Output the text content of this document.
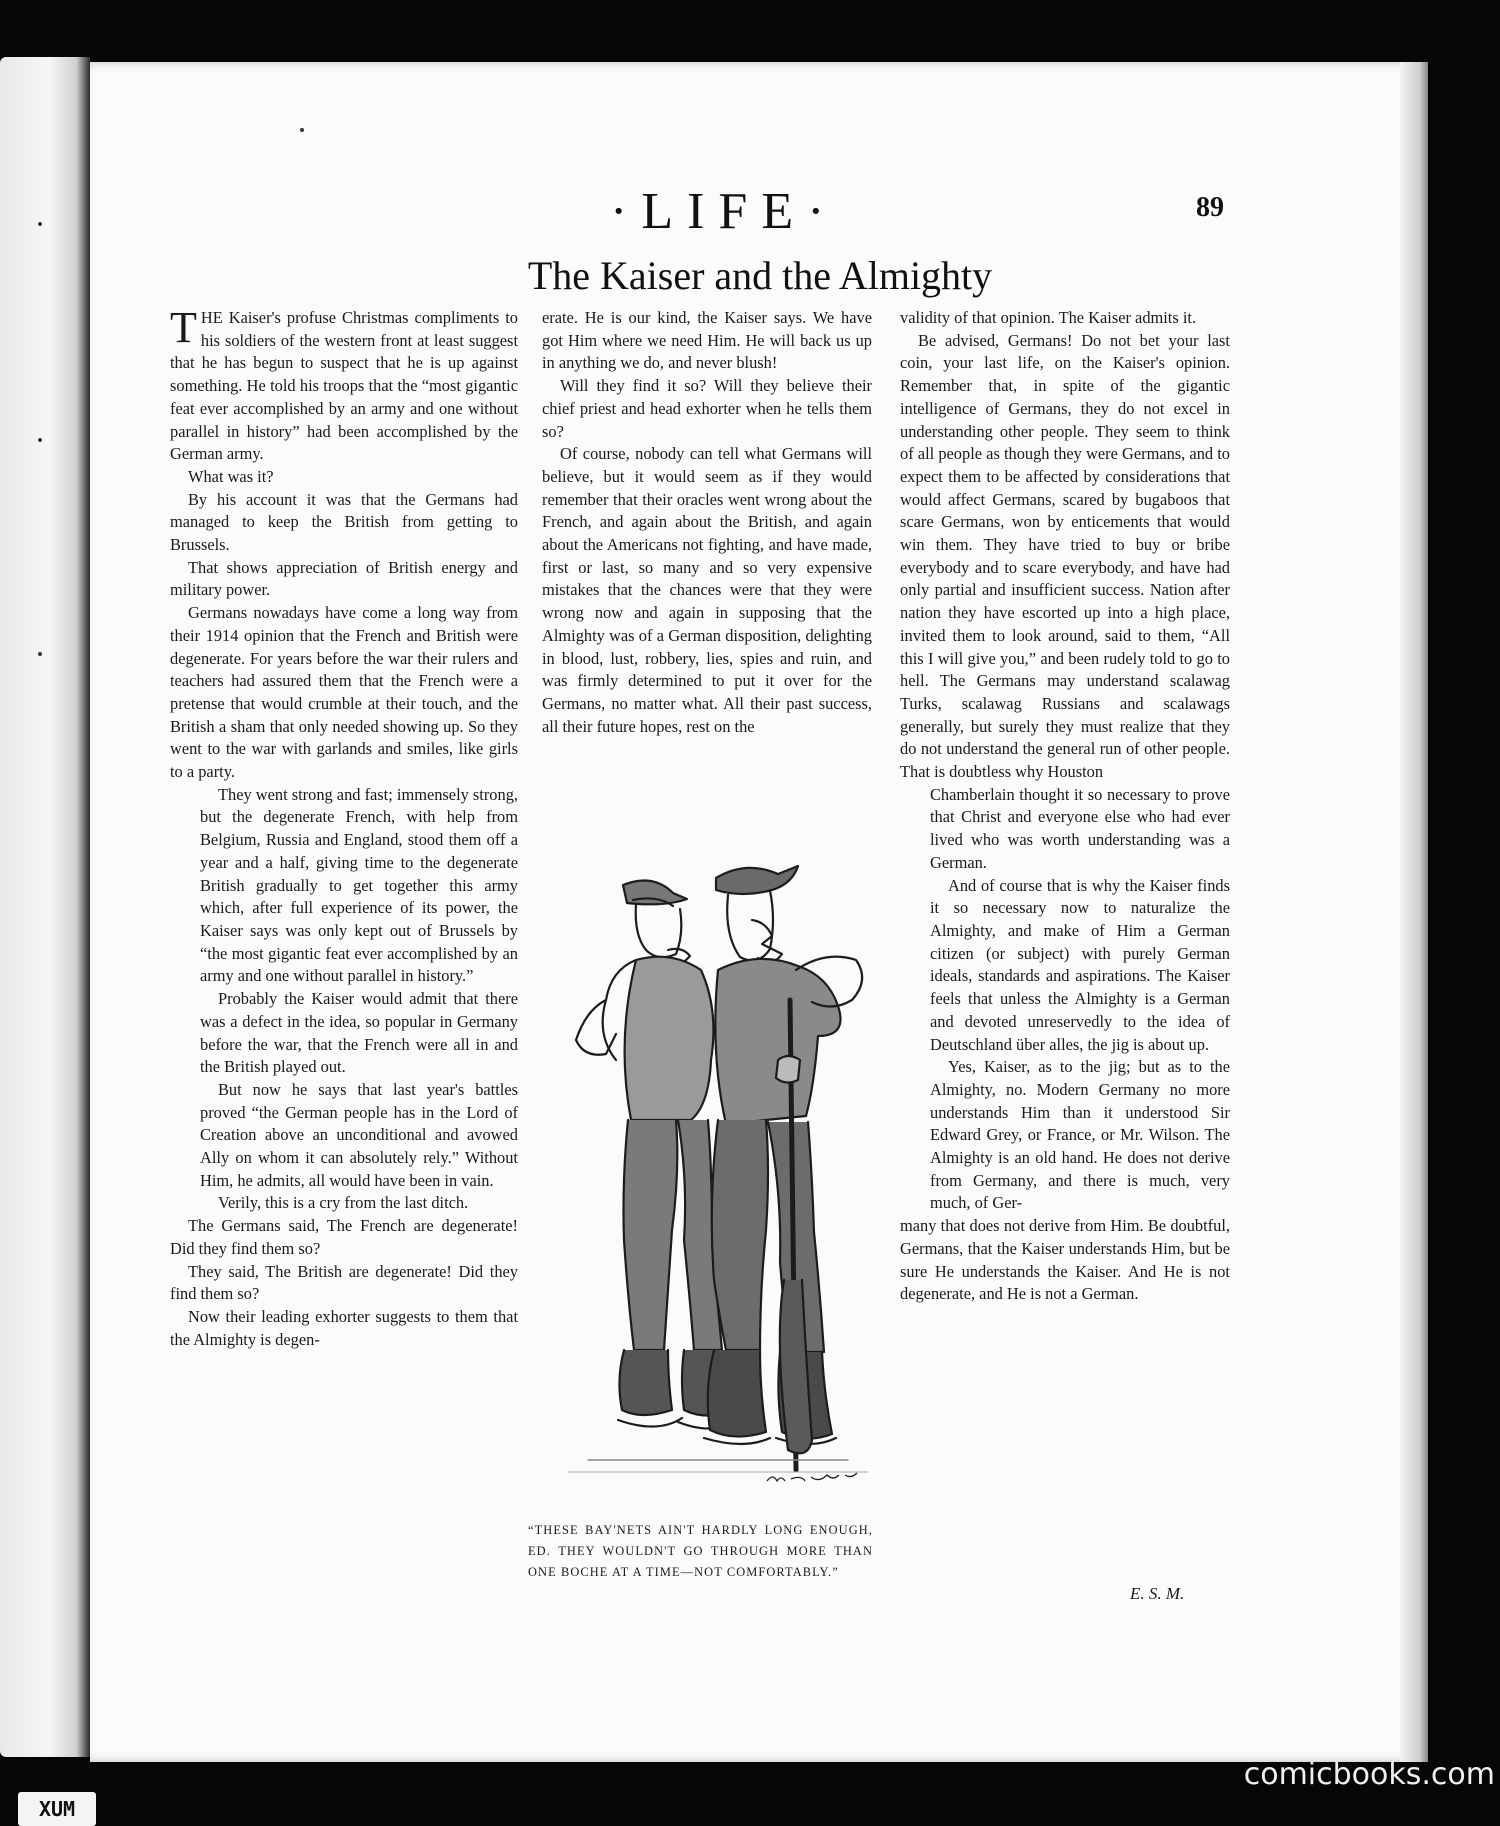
·LIFE·	89
The Kaiser and the Almighty

THE Kaiser's profuse Christmas compliments to his soldiers of the western front at least suggest that he has begun to suspect that he is up against something. He told his troops that the “most gigantic feat ever accomplished by an army and one without parallel in history” had been accomplished by the German army.

What was it?

By his account it was that the Germans had managed to keep the British from getting to Brussels.

That shows appreciation of British energy and military power.

Germans nowadays have come a long way from their 1914 opinion that the French and British were degenerate. For years before the war their rulers and teachers had assured them that the French were a pretense that would crumble at their touch, and the British a sham that only needed showing up. So they went to the war with garlands and smiles, like girls to a party.

They went strong and fast; immensely strong, but the degenerate French, with help from Belgium, Russia and England, stood them off a year and a half, giving time to the degenerate British gradually to get together this army which, after full experience of its power, the Kaiser says was only kept out of Brussels by “the most gigantic feat ever accomplished by an army and one without parallel in history.”

Probably the Kaiser would admit that there was a defect in the idea, so popular in Germany before the war, that the French were all in and the British played out.

But now he says that last year's battles proved “the German people has in the Lord of Creation above an unconditional and avowed Ally on whom it can absolutely rely.” Without Him, he admits, all would have been in vain.

Verily, this is a cry from the last ditch.

The Germans said, The French are degenerate! Did they find them so?

They said, The British are degenerate! Did they find them so?

Now their leading exhorter suggests to them that the Almighty is degen-

erate. He is our kind, the Kaiser says. We have got Him where we need Him. He will back us up in anything we do, and never blush!

Will they find it so? Will they believe their chief priest and head exhorter when he tells them so?

Of course, nobody can tell what Germans will believe, but it would seem as if they would remember that their oracles went wrong about the French, and again about the British, and again about the Americans not fighting, and have made, first or last, so many and so very expensive mistakes that the chances were that they were wrong now and again in supposing that the Almighty was of a German disposition, delighting in blood, lust, robbery, lies, spies and ruin, and was firmly determined to put it over for the Germans, no matter what. All their past success, all their future hopes, rest on the

validity of that opinion. The Kaiser admits it.

Be advised, Germans! Do not bet your last coin, your last life, on the Kaiser's opinion. Remember that, in spite of the gigantic intelligence of Germans, they do not excel in understanding other people. They seem to think of all people as though they were Germans, and to expect them to be affected by considerations that would affect Germans, scared by bugaboos that scare Germans, won by enticements that would win them. They have tried to buy or bribe everybody and to scare everybody, and have had only partial and insufficient success. Nation after nation they have escorted up into a high place, invited them to look around, said to them, “All this I will give you,” and been rudely told to go to hell. The Germans may understand scalawag Turks, scalawag Russians and scalawags generally, but surely they must realize that they do not understand the general run of other people. That is doubtless why Houston

Chamberlain thought it so necessary to prove that Christ and everyone else who had ever lived who was worth understanding was a German.

And of course that is why the Kaiser finds it so necessary now to naturalize the Almighty, and make of Him a German citizen (or subject) with purely German ideals, standards and aspirations. The Kaiser feels that unless the Almighty is a German and devoted unreservedly to the idea of Deutschland über alles, the jig is about up.

Yes, Kaiser, as to the jig; but as to the Almighty, no. Modern Germany no more understands Him than it understood Sir Edward Grey, or France, or Mr. Wilson. The Almighty is an old hand. He does not derive from Germany, and there is much, very much, of Ger-

many that does not derive from Him. Be doubtful, Germans, that the Kaiser understands Him, but be sure He understands the Kaiser. And He is not degenerate, and He is not a German.

“THESE BAY'NETS AIN'T HARDLY LONG ENOUGH, ED. THEY WOULDN'T GO THROUGH MORE THAN ONE BOCHE AT A TIME—NOT COMFORTABLY.”
E. S. M.
XUM
comicbooks.com
